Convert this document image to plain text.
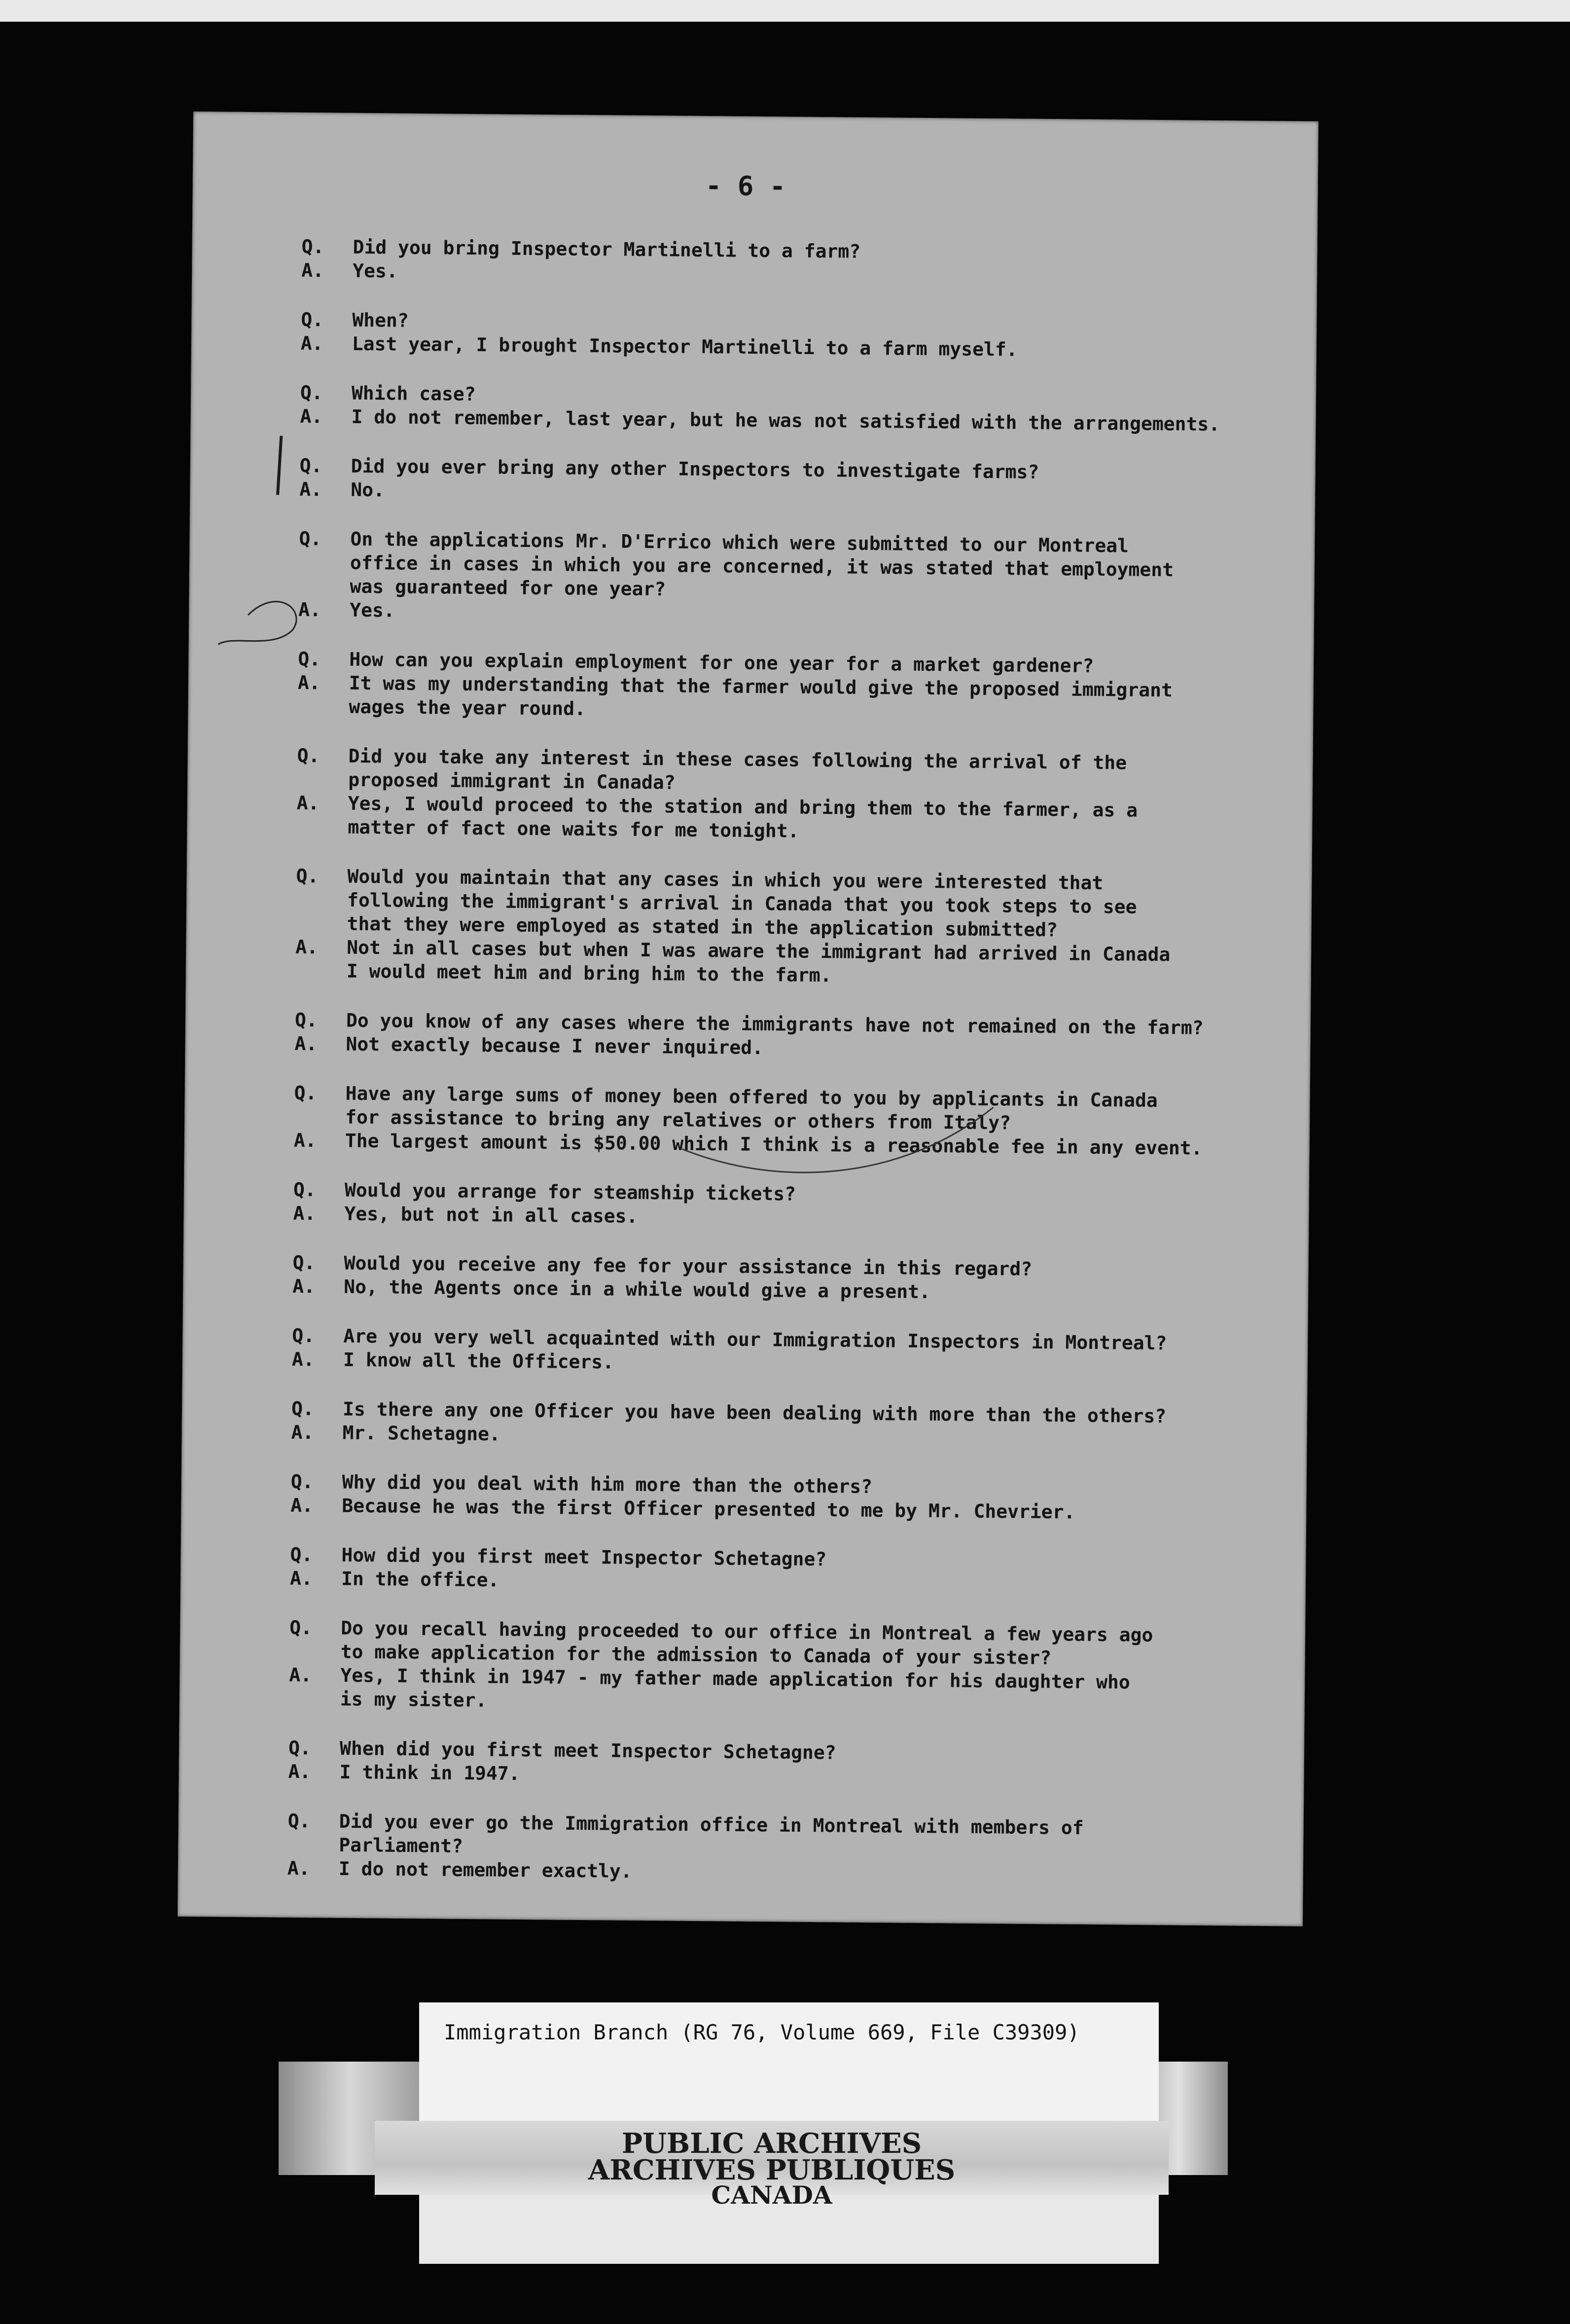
- 6 -
Q. Did you bring Inspector Martinelli to a farm?
A. Yes.
Q. When?
A. Last year, I brought Inspector Martinelli to a farm myself.
Q. Which case?
A. I do not remember, last year, but he was not satisfied with the arrangements.
Q. Did you ever bring any other Inspectors to investigate farms?
A. No.
Q. On the applications Mr. D'Errico which were submitted to our Montreal
office in cases in which you are concerned, it was stated that employment
was guaranteed for one year?
A. Yes.
Q. How can you explain employment for one year for a market gardener?
A. It was my understanding that the farmer would give the proposed immigrant
wages the year round.
Q. Did you take any interest in these cases following the arrival of the
proposed immigrant in Canada?
A. Yes, I would proceed to the station and bring them to the farmer, as a
matter of fact one waits for me tonight.
Q. Would you maintain that any cases in which you were interested that
following the immigrant's arrival in Canada that you took steps to see
that they were employed as stated in the application submitted?
A. Not in all cases but when I was aware the immigrant had arrived in Canada
I would meet him and bring him to the farm.
Q. Do you know of any cases where the immigrants have not remained on the farm?
A. Not exactly because I never inquired.
Q. Have any large sums of money been offered to you by applicants in Canada
for assistance to bring any relatives or others from Italy?
A. The largest amount is $50.00 which I think is a reasonable fee in any event.
Q. Would you arrange for steamship tickets?
A. Yes, but not in all cases.
Q. Would you receive any fee for your assistance in this regard?
A. No, the Agents once in a while would give a present.
Q. Are you very well acquainted with our Immigration Inspectors in Montreal?
A. I know all the Officers.
Q. Is there any one Officer you have been dealing with more than the others?
A. Mr. Schetagne.
Q. Why did you deal with him more than the others?
A. Because he was the first Officer presented to me by Mr. Chevrier.
Q. How did you first meet Inspector Schetagne?
A. In the office.
Q. Do you recall having proceeded to our office in Montreal a few years ago
to make application for the admission to Canada of your sister?
A. Yes, I think in 1947 - my father made application for his daughter who
is my sister.
Q. When did you first meet Inspector Schetagne?
A. I think in 1947.
Q. Did you ever go the Immigration office in Montreal with members of
Parliament?
A. I do not remember exactly.
Immigration Branch (RG 76, Volume 669, File C39309)
PUBLIC ARCHIVES
ARCHIVES PUBLIQUES
CANADA
